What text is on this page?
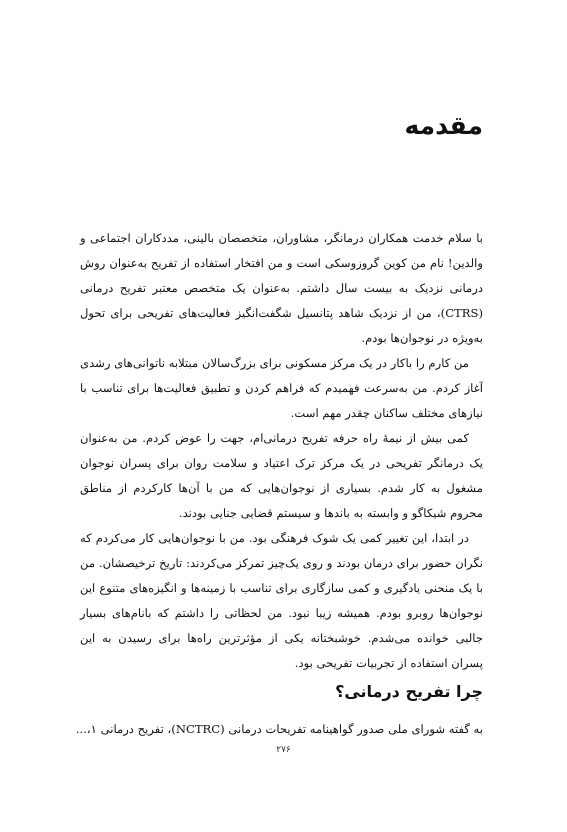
مقدمه

با سلام خدمت همکاران درمانگر، مشاوران، متخصصان بالینی، مددکاران اجتماعی و والدین! نام من کوین گروزوسکی است و من افتخار استفاده از تفریح به‌عنوان روش درمانی نزدیک به بیست سال داشتم. به‌عنوان یک متخصص معتبر تفریح درمانی (CTRS)، من از نزدیک شاهد پتانسیل شگفت‌انگیز فعالیت‌های تفریحی برای تحول به‌ویژه در نوجوان‌ها بودم.

من کارم را باکار در یک مرکز مسکونی برای بزرگ‌سالان مبتلابه ناتوانی‌های رشدی آغاز کردم. من به‌سرعت فهمیدم که فراهم کردن و تطبیق فعالیت‌ها برای تناسب با نیازهای مختلف ساکنان چقدر مهم است.

کمی بیش از نیمهٔ راه حرفه تفریح درمانی‌ام، جهت را عوض کردم. من به‌عنوان یک درمانگر تفریحی در یک مرکز ترک اعتیاد و سلامت روان برای پسران نوجوان مشغول به کار شدم. بسیاری از نوجوان‌هایی که من با آن‌ها کارکردم از مناطق محروم شیکاگو و وابسته به باندها و سیستم قضایی جنایی بودند.

در ابتدا، این تغییر کمی یک شوک فرهنگی بود. من با نوجوان‌هایی کار می‌کردم که نگران حضور برای درمان بودند و روی یک‌چیز تمرکز می‌کردند: تاریخ ترخیصشان. من با یک منحنی یادگیری و کمی سازگاری برای تناسب با زمینه‌ها و انگیزه‌های متنوع این نوجوان‌ها روبرو بودم. همیشه زیبا نبود. من لحظاتی را داشتم که بانام‌های بسیار جالبی خوانده می‌شدم. خوشبختانه یکی از مؤثرترین راه‌ها برای رسیدن به این پسران استفاده از تجربیات تفریحی بود.

چرا تفریح درمانی؟
به گفته شورای ملی صدور گواهینامه تفریحات درمانی (NCTRC)، تفریح درمانی ۱،...
۲۷۶
